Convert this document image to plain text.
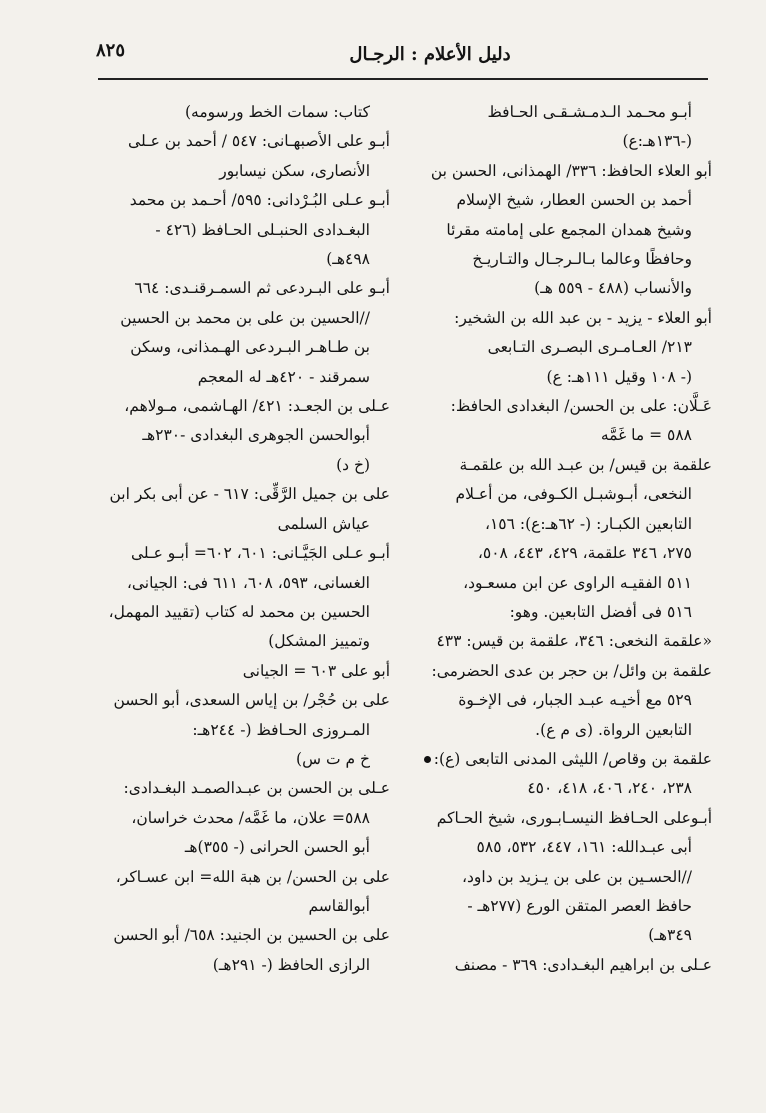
دليل الأعلام : الرجـال
٨٢٥
أبـو محـمد الـدمـشـقـى الحـافظ
(-١٣٦هـ:ع)
أبو العلاء الحافظ: ٣٣٦/ الهمذانى، الحسن بن
أحمد بن الحسن العطار، شيخ الإسلام
وشيخ همدان المجمع على إمامته مقرئا
وحافظًا وعالما بـالـرجـال والتـاريـخ
والأنساب (٤٨٨ - ٥٥٩ هـ)
أبو العلاء - يزيد - بن عبد الله بن الشخير:
٢١٣/ العـامـرى البصـرى التـابعى
(- ١٠٨ وقيل ١١١هـ: ع)
عَـلَّان: على بن الحسن/ البغدادى الحافظ:
٥٨٨ = ما غَمَّه
علقمة بن قيس/ بن عبـد الله بن علقمـة
النخعى، أبـوشبـل الكـوفى، من أعـلام
التابعين الكبـار: (- ٦٢هـ:ع): ١٥٦،
٢٧٥، ٣٤٦ علقمة، ٤٢٩، ٤٤٣، ٥٠٨،
٥١١ الفقيـه الراوى عن ابن مسعـود،
٥١٦ فى أفضل التابعين. وهو:
«علقمة النخعى: ٣٤٦، علقمة بن قيس: ٤٣٣
علقمة بن وائل/ بن حجر بن عدى الحضرمى:
٥٢٩ مع أخيـه عبـد الجبار، فى الإخـوة
التابعين الرواة. (ى م ع).
علقمة بن وقاص/ الليثى المدنى التابعى (ع):
٢٣٨، ٢٤٠، ٤٠٦، ٤١٨، ٤٥٠
أبـوعلى الحـافظ النيسـابـورى، شيخ الحـاكم
أبى عبـدالله: ١٦١، ٤٤٧، ٥٣٢، ٥٨٥
//الحسـين بن على بن يـزيد بن داود،
حافظ العصر المتقن الورع (٢٧٧هـ -
٣٤٩هـ)
عـلى بن ابراهيم البغـدادى: ٣٦٩ - مصنف
كتاب: سمات الخط ورسومه)
أبـو على الأصبهـانى: ٥٤٧ / أحمد بن عـلى
الأنصارى، سكن نيسابور
أبـو عـلى البُـرْدانى: ٥٩٥/ أحـمد بن محمد
البغـدادى الحنبـلى الحـافظ (٤٢٦ -
٤٩٨هـ)
أبـو على البـردعى ثم السمـرقنـدى: ٦٦٤
//الحسين بن على بن محمد بن الحسين
بن طـاهـر البـردعى الهـمذانى، وسكن
سمرقند - ٤٢٠هـ له المعجم
عـلى بن الجعـد: ٤٢١/ الهـاشمى، مـولاهم،
أبوالحسن الجوهرى البغدادى -٢٣٠هـ
(خ د)
على بن جميل الرَّقِّى: ٦١٧ - عن أبى بكر ابن
عياش السلمى
أبـو عـلى الجَيَّـانى: ٦٠١، ٦٠٢= أبـو عـلى
الغسانى، ٥٩٣، ٦٠٨، ٦١١ فى: الجيانى،
الحسين بن محمد له كتاب (تقييد المهمل،
وتمييز المشكل)
أبو على ٦٠٣ = الجيانى
على بن حُجْر/ بن إياس السعدى، أبو الحسن
المـروزى الحـافظ (- ٢٤٤هـ:
خ م ت س)
عـلى بن الحسن بن عبـدالصمـد البغـدادى:
٥٨٨= علان، ما غَمَّه/ محدث خراسان،
أبو الحسن الحرانى (- ٣٥٥)هـ
على بن الحسن/ بن هبة الله= ابن عسـاكر،
أبوالقاسم
على بن الحسين بن الجنيد: ٦٥٨/ أبو الحسن
الرازى الحافظ (- ٢٩١هـ)
